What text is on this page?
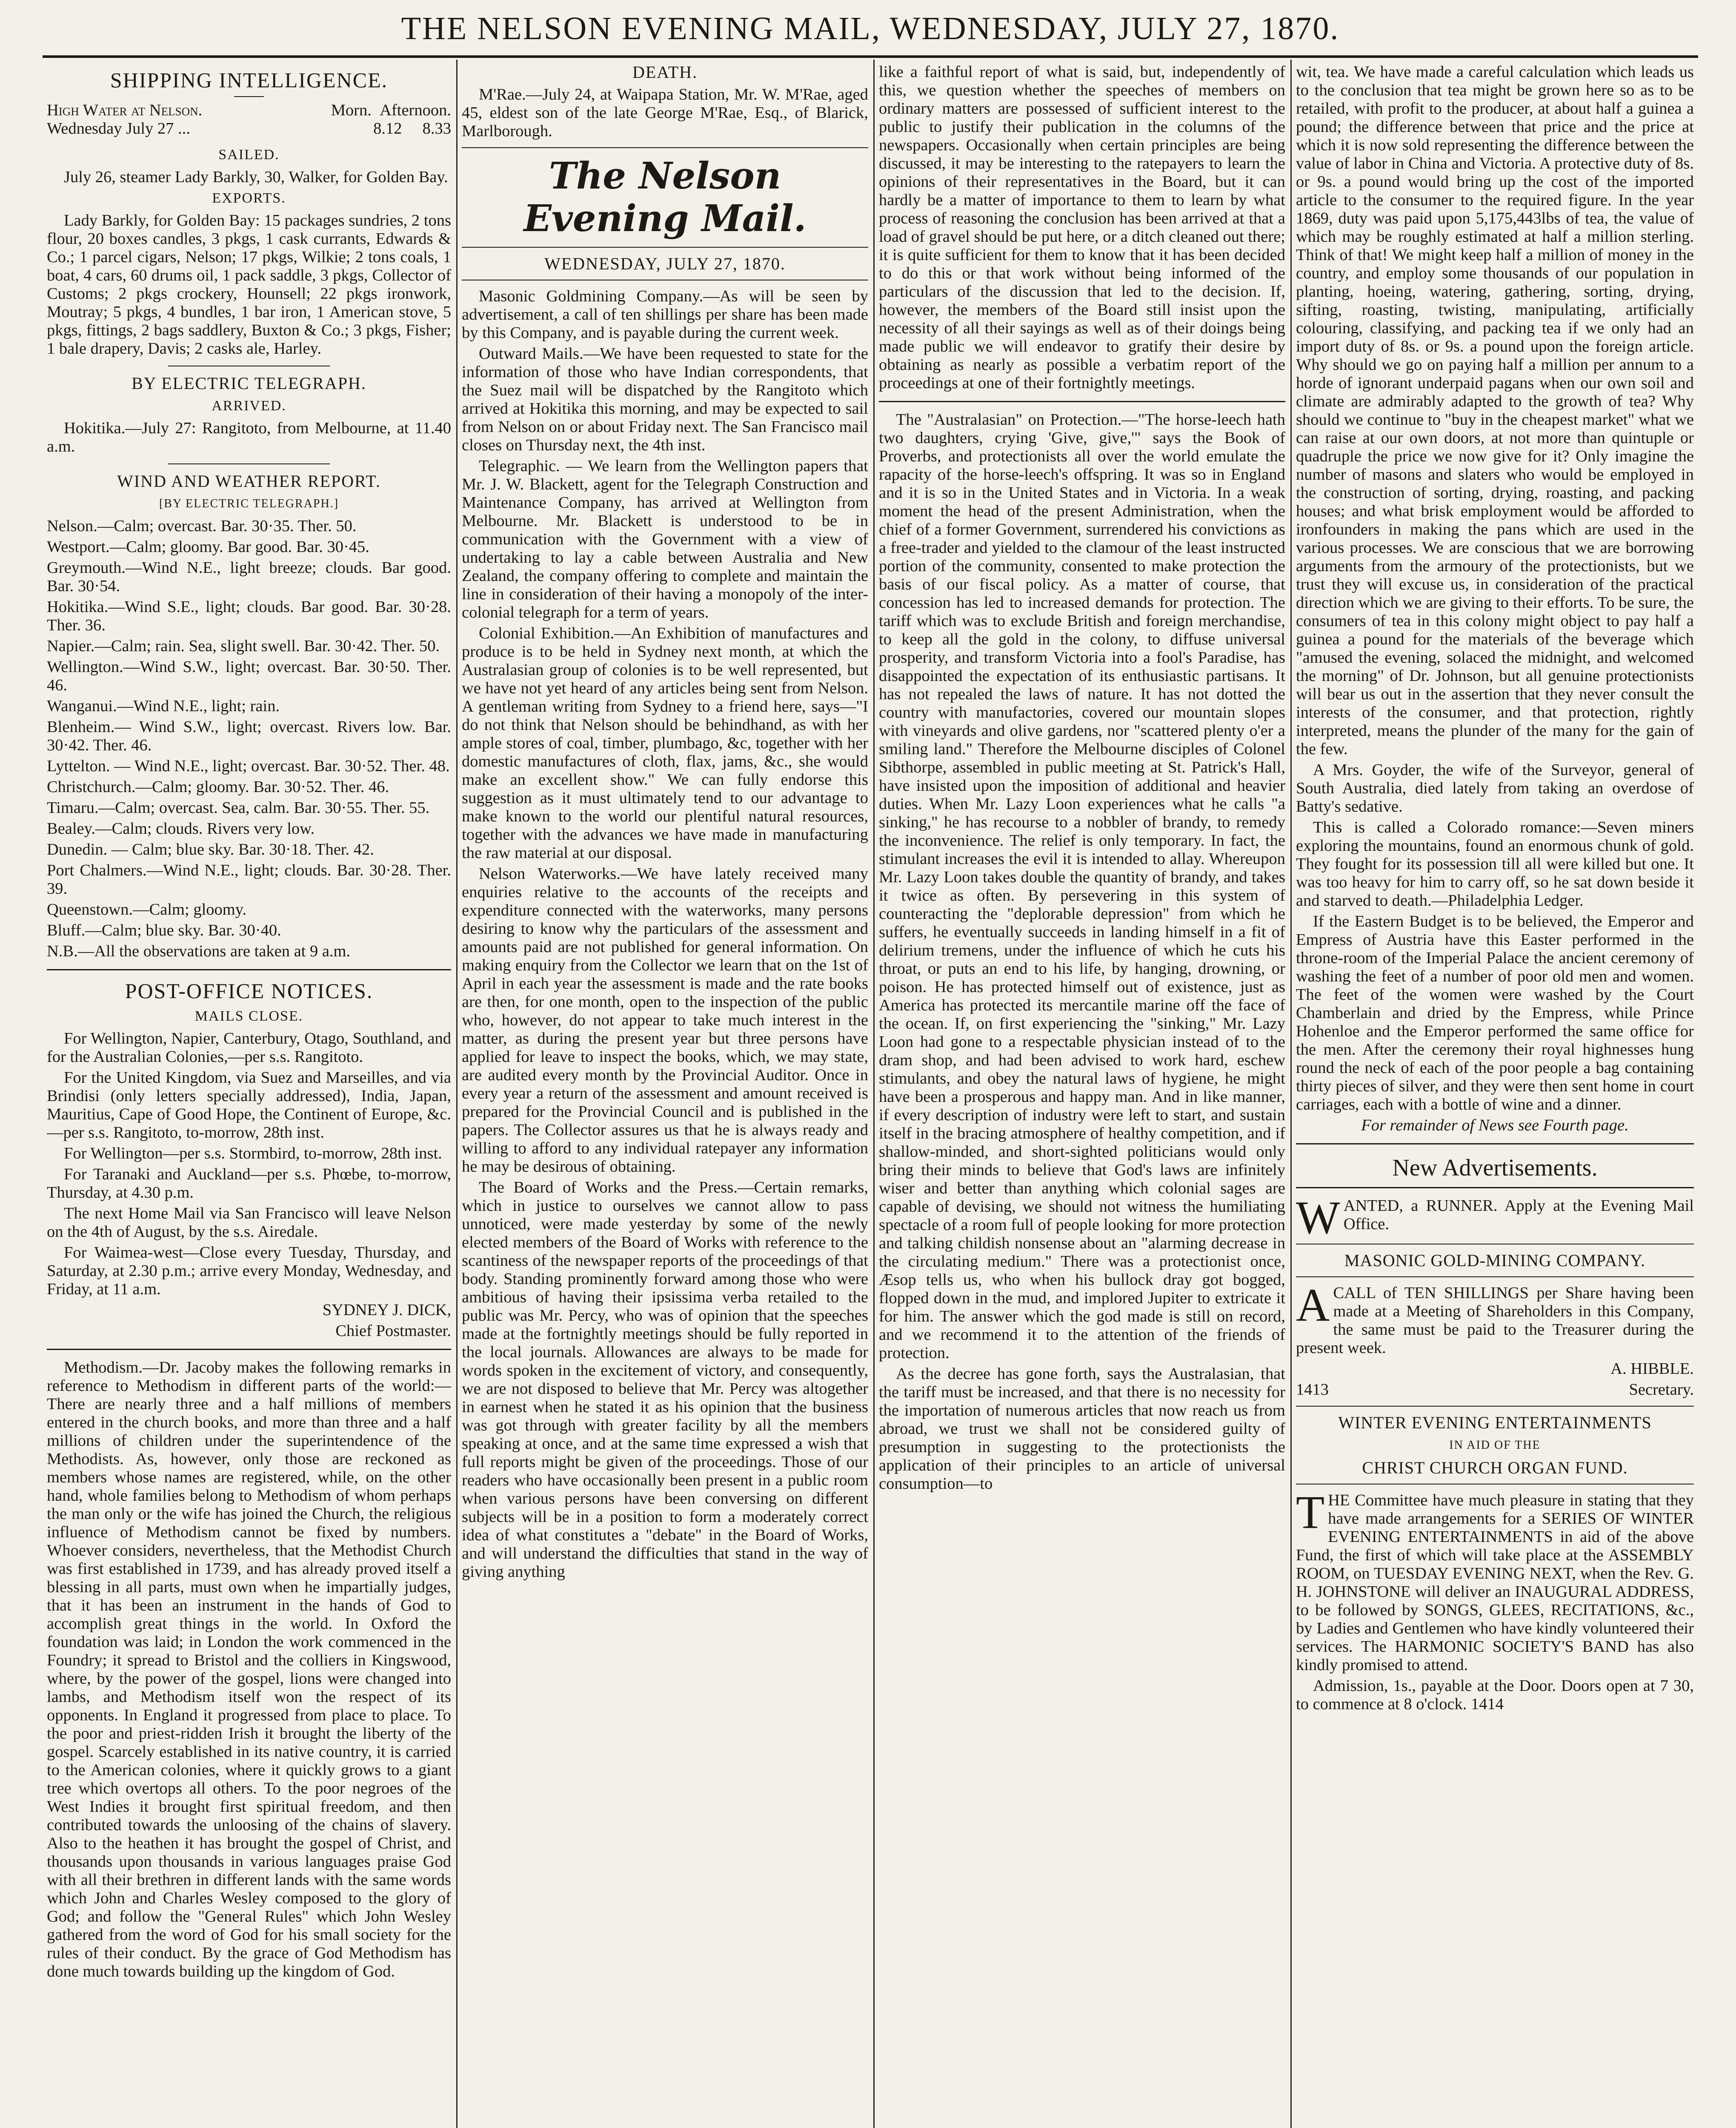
THE NELSON EVENING MAIL, WEDNESDAY, JULY 27, 1870.
SHIPPING INTELLIGENCE.
High Water at Nelson.	Morn. Afternoon.
Wednesday July 27 ...	8.12 8.33
SAILED.

July 26, steamer Lady Barkly, 30, Walker, for Golden Bay.

EXPORTS.

Lady Barkly, for Golden Bay: 15 packages sundries, 2 tons flour, 20 boxes candles, 3 pkgs, 1 cask currants, Edwards & Co.; 1 parcel cigars, Nelson; 17 pkgs, Wilkie; 2 tons coals, 1 boat, 4 cars, 60 drums oil, 1 pack saddle, 3 pkgs, Collector of Customs; 2 pkgs crockery, Hounsell; 22 pkgs ironwork, Moutray; 5 pkgs, 4 bundles, 1 bar iron, 1 American stove, 5 pkgs, fittings, 2 bags saddlery, Buxton & Co.; 3 pkgs, Fisher; 1 bale drapery, Davis; 2 casks ale, Harley.

BY ELECTRIC TELEGRAPH.
ARRIVED.

Hokitika.—July 27: Rangitoto, from Melbourne, at 11.40 a.m.

WIND AND WEATHER REPORT.
[BY ELECTRIC TELEGRAPH.]

Nelson.—Calm; overcast. Bar. 30·35. Ther. 50.

Westport.—Calm; gloomy. Bar good. Bar. 30·45.

Greymouth.—Wind N.E., light breeze; clouds. Bar good. Bar. 30·54.

Hokitika.—Wind S.E., light; clouds. Bar good. Bar. 30·28. Ther. 36.

Napier.—Calm; rain. Sea, slight swell. Bar. 30·42. Ther. 50.

Wellington.—Wind S.W., light; overcast. Bar. 30·50. Ther. 46.

Wanganui.—Wind N.E., light; rain.

Blenheim.— Wind S.W., light; overcast. Rivers low. Bar. 30·42. Ther. 46.

Lyttelton. — Wind N.E., light; overcast. Bar. 30·52. Ther. 48.

Christchurch.—Calm; gloomy. Bar. 30·52. Ther. 46.

Timaru.—Calm; overcast. Sea, calm. Bar. 30·55. Ther. 55.

Bealey.—Calm; clouds. Rivers very low.

Dunedin. — Calm; blue sky. Bar. 30·18. Ther. 42.

Port Chalmers.—Wind N.E., light; clouds. Bar. 30·28. Ther. 39.

Queenstown.—Calm; gloomy.

Bluff.—Calm; blue sky. Bar. 30·40.

N.B.—All the observations are taken at 9 a.m.

POST-OFFICE NOTICES.
MAILS CLOSE.

For Wellington, Napier, Canterbury, Otago, Southland, and for the Australian Colonies,—per s.s. Rangitoto.

For the United Kingdom, via Suez and Marseilles, and via Brindisi (only letters specially addressed), India, Japan, Mauritius, Cape of Good Hope, the Continent of Europe, &c.—per s.s. Rangitoto, to-morrow, 28th inst.

For Wellington—per s.s. Stormbird, to-morrow, 28th inst.

For Taranaki and Auckland—per s.s. Phœbe, to-morrow, Thursday, at 4.30 p.m.

The next Home Mail via San Francisco will leave Nelson on the 4th of August, by the s.s. Airedale.

For Waimea-west—Close every Tuesday, Thursday, and Saturday, at 2.30 p.m.; arrive every Monday, Wednesday, and Friday, at 11 a.m.

SYDNEY J. DICK,

Chief Postmaster.

Methodism.—Dr. Jacoby makes the following remarks in reference to Methodism in different parts of the world:—There are nearly three and a half millions of members entered in the church books, and more than three and a half millions of children under the superintendence of the Methodists. As, however, only those are reckoned as members whose names are registered, while, on the other hand, whole families belong to Methodism of whom perhaps the man only or the wife has joined the Church, the religious influence of Methodism cannot be fixed by numbers. Whoever considers, nevertheless, that the Methodist Church was first established in 1739, and has already proved itself a blessing in all parts, must own when he impartially judges, that it has been an instrument in the hands of God to accomplish great things in the world. In Oxford the foundation was laid; in London the work commenced in the Foundry; it spread to Bristol and the colliers in Kingswood, where, by the power of the gospel, lions were changed into lambs, and Methodism itself won the respect of its opponents. In England it progressed from place to place. To the poor and priest-ridden Irish it brought the liberty of the gospel. Scarcely established in its native country, it is carried to the American colonies, where it quickly grows to a giant tree which overtops all others. To the poor negroes of the West Indies it brought first spiritual freedom, and then contributed towards the unloosing of the chains of slavery. Also to the heathen it has brought the gospel of Christ, and thousands upon thousands in various languages praise God with all their brethren in different lands with the same words which John and Charles Wesley composed to the glory of God; and follow the "General Rules" which John Wesley gathered from the word of God for his small society for the rules of their conduct. By the grace of God Methodism has done much towards building up the kingdom of God.

DEATH.

M'Rae.—July 24, at Waipapa Station, Mr. W. M'Rae, aged 45, eldest son of the late George M'Rae, Esq., of Blarick, Marlborough.

The Nelson Evening Mail.
WEDNESDAY, JULY 27, 1870.

Masonic Goldmining Company.—As will be seen by advertisement, a call of ten shillings per share has been made by this Company, and is payable during the current week.

Outward Mails.—We have been requested to state for the information of those who have Indian correspondents, that the Suez mail will be dispatched by the Rangitoto which arrived at Hokitika this morning, and may be expected to sail from Nelson on or about Friday next. The San Francisco mail closes on Thursday next, the 4th inst.

Telegraphic. — We learn from the Wellington papers that Mr. J. W. Blackett, agent for the Telegraph Construction and Maintenance Company, has arrived at Wellington from Melbourne. Mr. Blackett is understood to be in communication with the Government with a view of undertaking to lay a cable between Australia and New Zealand, the company offering to complete and maintain the line in consideration of their having a monopoly of the inter-colonial telegraph for a term of years.

Colonial Exhibition.—An Exhibition of manufactures and produce is to be held in Sydney next month, at which the Australasian group of colonies is to be well represented, but we have not yet heard of any articles being sent from Nelson. A gentleman writing from Sydney to a friend here, says—"I do not think that Nelson should be behindhand, as with her ample stores of coal, timber, plumbago, &c, together with her domestic manufactures of cloth, flax, jams, &c., she would make an excellent show." We can fully endorse this suggestion as it must ultimately tend to our advantage to make known to the world our plentiful natural resources, together with the advances we have made in manufacturing the raw material at our disposal.

Nelson Waterworks.—We have lately received many enquiries relative to the accounts of the receipts and expenditure connected with the waterworks, many persons desiring to know why the particulars of the assessment and amounts paid are not published for general information. On making enquiry from the Collector we learn that on the 1st of April in each year the assessment is made and the rate books are then, for one month, open to the inspection of the public who, however, do not appear to take much interest in the matter, as during the present year but three persons have applied for leave to inspect the books, which, we may state, are audited every month by the Provincial Auditor. Once in every year a return of the assessment and amount received is prepared for the Provincial Council and is published in the papers. The Collector assures us that he is always ready and willing to afford to any individual ratepayer any information he may be desirous of obtaining.

The Board of Works and the Press.—Certain remarks, which in justice to ourselves we cannot allow to pass unnoticed, were made yesterday by some of the newly elected members of the Board of Works with reference to the scantiness of the newspaper reports of the proceedings of that body. Standing prominently forward among those who were ambitious of having their ipsissima verba retailed to the public was Mr. Percy, who was of opinion that the speeches made at the fortnightly meetings should be fully reported in the local journals. Allowances are always to be made for words spoken in the excitement of victory, and consequently, we are not disposed to believe that Mr. Percy was altogether in earnest when he stated it as his opinion that the business was got through with greater facility by all the members speaking at once, and at the same time expressed a wish that full reports might be given of the proceedings. Those of our readers who have occasionally been present in a public room when various persons have been conversing on different subjects will be in a position to form a moderately correct idea of what constitutes a "debate" in the Board of Works, and will understand the difficulties that stand in the way of giving anything

like a faithful report of what is said, but, independently of this, we question whether the speeches of members on ordinary matters are possessed of sufficient interest to the public to justify their publication in the columns of the newspapers. Occasionally when certain principles are being discussed, it may be interesting to the ratepayers to learn the opinions of their representatives in the Board, but it can hardly be a matter of importance to them to learn by what process of reasoning the conclusion has been arrived at that a load of gravel should be put here, or a ditch cleaned out there; it is quite sufficient for them to know that it has been decided to do this or that work without being informed of the particulars of the discussion that led to the decision. If, however, the members of the Board still insist upon the necessity of all their sayings as well as of their doings being made public we will endeavor to gratify their desire by obtaining as nearly as possible a verbatim report of the proceedings at one of their fortnightly meetings.

The "Australasian" on Protection.—"The horse-leech hath two daughters, crying 'Give, give,'" says the Book of Proverbs, and protectionists all over the world emulate the rapacity of the horse-leech's offspring. It was so in England and it is so in the United States and in Victoria. In a weak moment the head of the present Administration, when the chief of a former Government, surrendered his convictions as a free-trader and yielded to the clamour of the least instructed portion of the community, consented to make protection the basis of our fiscal policy. As a matter of course, that concession has led to increased demands for protection. The tariff which was to exclude British and foreign merchandise, to keep all the gold in the colony, to diffuse universal prosperity, and transform Victoria into a fool's Paradise, has disappointed the expectation of its enthusiastic partisans. It has not repealed the laws of nature. It has not dotted the country with manufactories, covered our mountain slopes with vineyards and olive gardens, nor "scattered plenty o'er a smiling land." Therefore the Melbourne disciples of Colonel Sibthorpe, assembled in public meeting at St. Patrick's Hall, have insisted upon the imposition of additional and heavier duties. When Mr. Lazy Loon experiences what he calls "a sinking," he has recourse to a nobbler of brandy, to remedy the inconvenience. The relief is only temporary. In fact, the stimulant increases the evil it is intended to allay. Whereupon Mr. Lazy Loon takes double the quantity of brandy, and takes it twice as often. By persevering in this system of counteracting the "deplorable depression" from which he suffers, he eventually succeeds in landing himself in a fit of delirium tremens, under the influence of which he cuts his throat, or puts an end to his life, by hanging, drowning, or poison. He has protected himself out of existence, just as America has protected its mercantile marine off the face of the ocean. If, on first experiencing the "sinking," Mr. Lazy Loon had gone to a respectable physician instead of to the dram shop, and had been advised to work hard, eschew stimulants, and obey the natural laws of hygiene, he might have been a prosperous and happy man. And in like manner, if every description of industry were left to start, and sustain itself in the bracing atmosphere of healthy competition, and if shallow-minded, and short-sighted politicians would only bring their minds to believe that God's laws are infinitely wiser and better than anything which colonial sages are capable of devising, we should not witness the humiliating spectacle of a room full of people looking for more protection and talking childish nonsense about an "alarming decrease in the circulating medium." There was a protectionist once, Æsop tells us, who when his bullock dray got bogged, flopped down in the mud, and implored Jupiter to extricate it for him. The answer which the god made is still on record, and we recommend it to the attention of the friends of protection.

As the decree has gone forth, says the Australasian, that the tariff must be increased, and that there is no necessity for the importation of numerous articles that now reach us from abroad, we trust we shall not be considered guilty of presumption in suggesting to the protectionists the application of their principles to an article of universal consumption—to

wit, tea. We have made a careful calculation which leads us to the conclusion that tea might be grown here so as to be retailed, with profit to the producer, at about half a guinea a pound; the difference between that price and the price at which it is now sold representing the difference between the value of labor in China and Victoria. A protective duty of 8s. or 9s. a pound would bring up the cost of the imported article to the consumer to the required figure. In the year 1869, duty was paid upon 5,175,443lbs of tea, the value of which may be roughly estimated at half a million sterling. Think of that! We might keep half a million of money in the country, and employ some thousands of our population in planting, hoeing, watering, gathering, sorting, drying, sifting, roasting, twisting, manipulating, artificially colouring, classifying, and packing tea if we only had an import duty of 8s. or 9s. a pound upon the foreign article. Why should we go on paying half a million per annum to a horde of ignorant underpaid pagans when our own soil and climate are admirably adapted to the growth of tea? Why should we continue to "buy in the cheapest market" what we can raise at our own doors, at not more than quintuple or quadruple the price we now give for it? Only imagine the number of masons and slaters who would be employed in the construction of sorting, drying, roasting, and packing houses; and what brisk employment would be afforded to ironfounders in making the pans which are used in the various processes. We are conscious that we are borrowing arguments from the armoury of the protectionists, but we trust they will excuse us, in consideration of the practical direction which we are giving to their efforts. To be sure, the consumers of tea in this colony might object to pay half a guinea a pound for the materials of the beverage which "amused the evening, solaced the midnight, and welcomed the morning" of Dr. Johnson, but all genuine protectionists will bear us out in the assertion that they never consult the interests of the consumer, and that protection, rightly interpreted, means the plunder of the many for the gain of the few.

A Mrs. Goyder, the wife of the Surveyor, general of South Australia, died lately from taking an overdose of Batty's sedative.

This is called a Colorado romance:—Seven miners exploring the mountains, found an enormous chunk of gold. They fought for its possession till all were killed but one. It was too heavy for him to carry off, so he sat down beside it and starved to death.—Philadelphia Ledger.

If the Eastern Budget is to be believed, the Emperor and Empress of Austria have this Easter performed in the throne-room of the Imperial Palace the ancient ceremony of washing the feet of a number of poor old men and women. The feet of the women were washed by the Court Chamberlain and dried by the Empress, while Prince Hohenloe and the Emperor performed the same office for the men. After the ceremony their royal highnesses hung round the neck of each of the poor people a bag containing thirty pieces of silver, and they were then sent home in court carriages, each with a bottle of wine and a dinner.

For remainder of News see Fourth page.

New Advertisements.

WANTED, a RUNNER. Apply at the Evening Mail Office.

MASONIC GOLD-MINING COMPANY.

ACALL of TEN SHILLINGS per Share having been made at a Meeting of Shareholders in this Company, the same must be paid to the Treasurer during the present week.

A. HIBBLE.

1413	Secretary.
WINTER EVENING ENTERTAINMENTS
IN AID OF THE
CHRIST CHURCH ORGAN FUND.

THE Committee have much pleasure in stating that they have made arrangements for a SERIES OF WINTER EVENING ENTERTAINMENTS in aid of the above Fund, the first of which will take place at the ASSEMBLY ROOM, on TUESDAY EVENING NEXT, when the Rev. G. H. JOHNSTONE will deliver an INAUGURAL ADDRESS, to be followed by SONGS, GLEES, RECITATIONS, &c., by Ladies and Gentlemen who have kindly volunteered their services. The HARMONIC SOCIETY'S BAND has also kindly promised to attend.

Admission, 1s., payable at the Door. Doors open at 7 30, to commence at 8 o'clock. 1414
